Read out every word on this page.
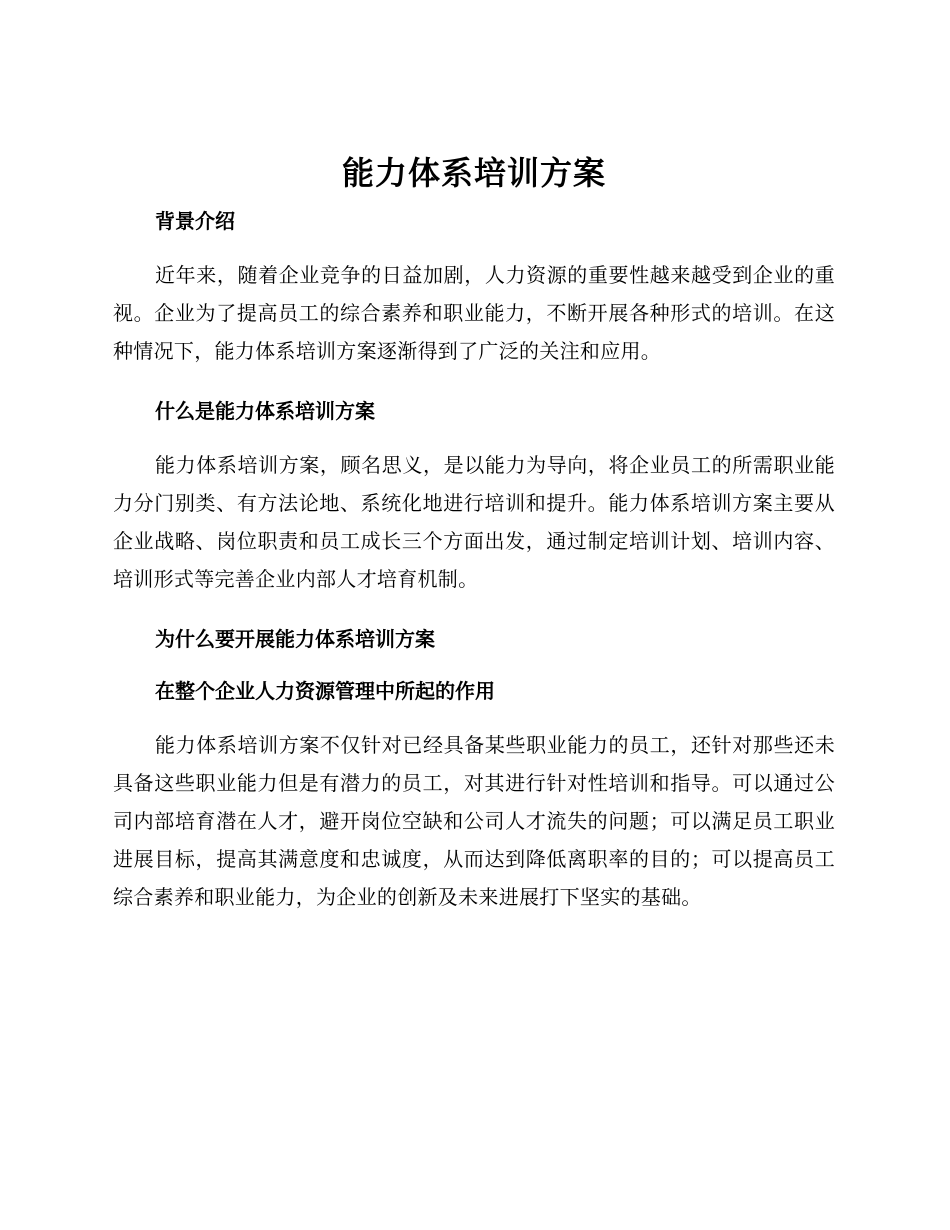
能力体系培训方案
背景介绍

近年来，随着企业竞争的日益加剧，人力资源的重要性越来越受到企业的重视。企业为了提高员工的综合素养和职业能力，不断开展各种形式的培训。在这种情况下，能力体系培训方案逐渐得到了广泛的关注和应用。

什么是能力体系培训方案

能力体系培训方案，顾名思义，是以能力为导向，将企业员工的所需职业能力分门别类、有方法论地、系统化地进行培训和提升。能力体系培训方案主要从企业战略、岗位职责和员工成长三个方面出发，通过制定培训计划、培训内容、培训形式等完善企业内部人才培育机制。

为什么要开展能力体系培训方案
在整个企业人力资源管理中所起的作用

能力体系培训方案不仅针对已经具备某些职业能力的员工，还针对那些还未具备这些职业能力但是有潜力的员工，对其进行针对性培训和指导。可以通过公司内部培育潜在人才，避开岗位空缺和公司人才流失的问题；可以满足员工职业进展目标，提高其满意度和忠诚度，从而达到降低离职率的目的；可以提高员工综合素养和职业能力，为企业的创新及未来进展打下坚实的基础。
